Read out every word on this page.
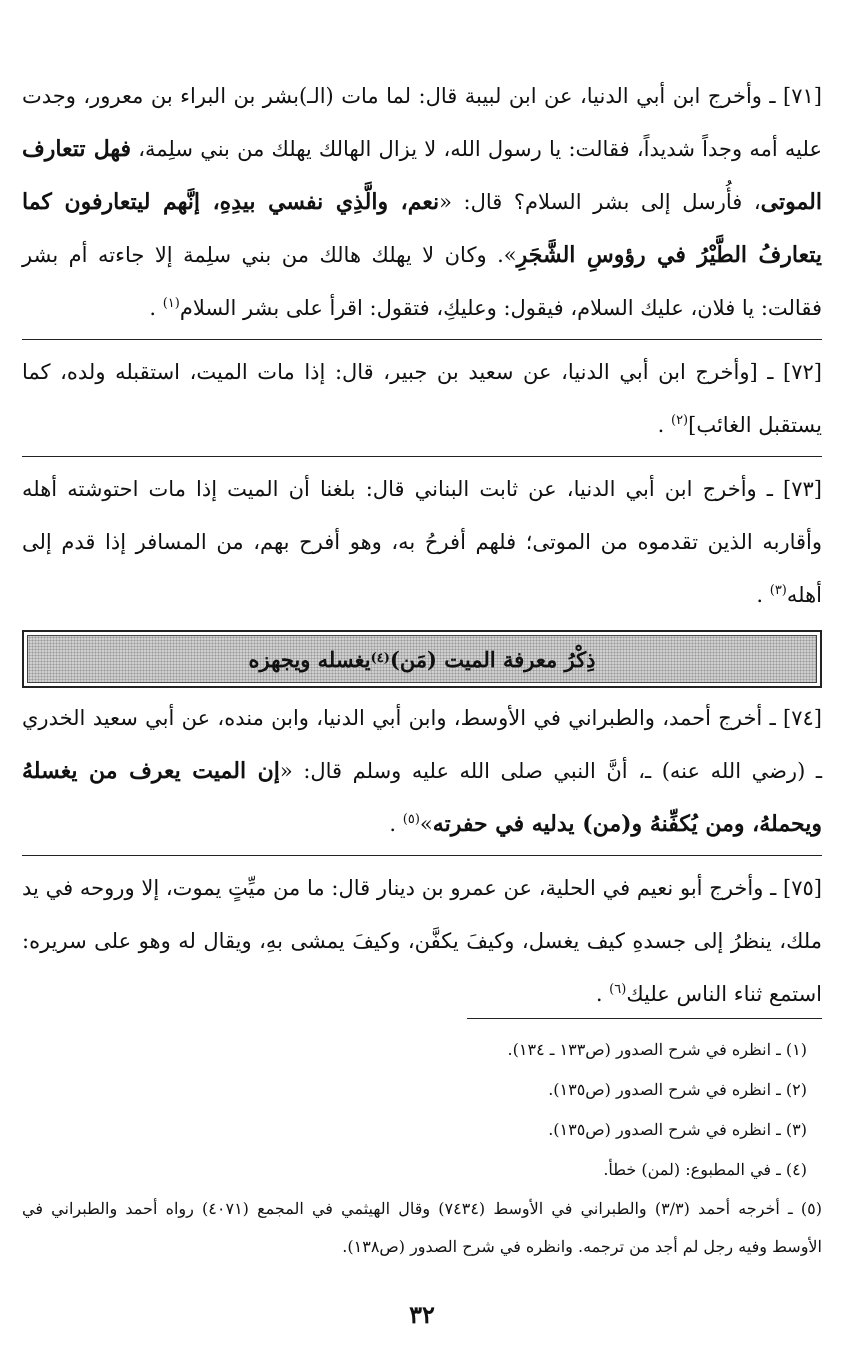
[٧١] ـ وأخرج ابن أبي الدنيا، عن ابن لبيبة قال: لما مات (الـ)بشر بن البراء بن معرور، وجدت عليه أمه وجداً شديداً، فقالت: يا رسول الله، لا يزال الهالك يهلك من بني سلِمة، فهل تتعارف الموتى، فأُرسل إلى بشر السلام؟ قال: «نعم، والَّذِي نفسي بيدِهِ، إنَّهم ليتعارفون كما يتعارفُ الطَّيْرُ في رؤوسِ الشَّجَرِ». وكان لا يهلك هالك من بني سلِمة إلا جاءته أم بشر فقالت: يا فلان، عليك السلام، فيقول: وعليكِ، فتقول: اقرأ على بشر السلام$^{(١)}$ .

[٧٢] ـ [وأخرج ابن أبي الدنيا، عن سعيد بن جبير، قال: إذا مات الميت، استقبله ولده، كما يستقبل الغائب]$^{(٢)}$ .

[٧٣] ـ وأخرج ابن أبي الدنيا، عن ثابت البناني قال: بلغنا أن الميت إذا مات احتوشته أهله وأقاربه الذين تقدموه من الموتى؛ فلهم أفرحُ به، وهو أفرح بهم، من المسافر إذا قدم إلى أهله$^{(٣)}$ .

ذِكْرُ معرفة الميت (مَن)
(٤)
يغسله ويجهزه

[٧٤] ـ أخرج أحمد، والطبراني في الأوسط، وابن أبي الدنيا، وابن منده، عن أبي سعيد الخدري ـ (رضي الله عنه) ـ، أنَّ النبي صلى الله عليه وسلم قال: «إن الميت يعرف من يغسلهُ ويحملهُ، ومن يُكفِّنهُ و(من) يدليه في حفرته»$^{(٥)}$ .

[٧٥] ـ وأخرج أبو نعيم في الحلية، عن عمرو بن دينار قال: ما من ميِّتٍ يموت، إلا وروحه في يد ملك، ينظرُ إلى جسدهِ كيف يغسل، وكيفَ يكفَّن، وكيفَ يمشى بهِ، ويقال له وهو على سريره: استمع ثناء الناس عليك$^{(٦)}$ .

(١) ـ انظره في شرح الصدور (ص١٣٣ ـ ١٣٤).

(٢) ـ انظره في شرح الصدور (ص١٣٥).

(٣) ـ انظره في شرح الصدور (ص١٣٥).

(٤) ـ في المطبوع: (لمن) خطأ.

(٥) ـ أخرجه أحمد (٣/٣) والطبراني في الأوسط (٧٤٣٤) وقال الهيثمي في المجمع (٤٠٧١) رواه أحمد والطبراني في الأوسط وفيه رجل لم أجد من ترجمه. وانظره في شرح الصدور (ص١٣٨).

٣٢
